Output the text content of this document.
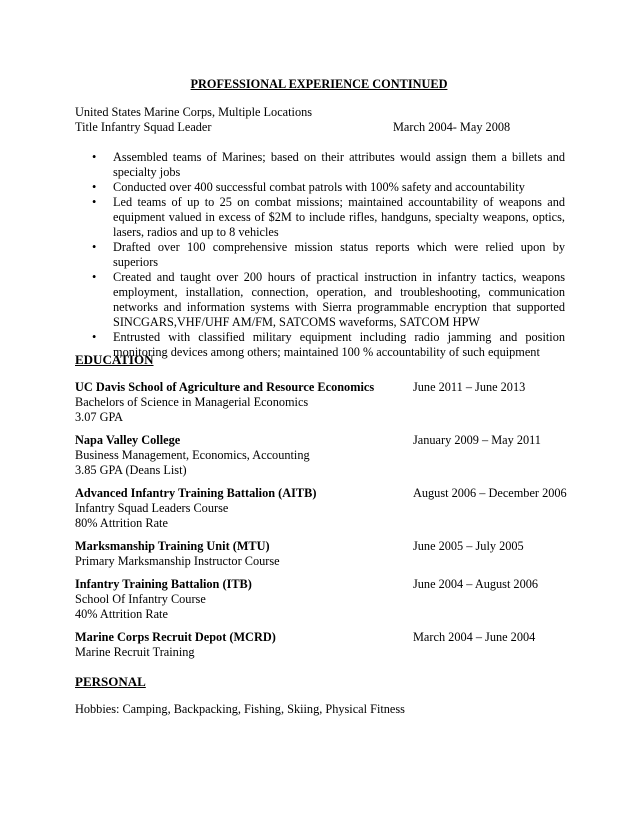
PROFESSIONAL EXPERIENCE CONTINUED
United States Marine Corps, Multiple Locations
Title Infantry Squad Leader	March 2004- May 2008
• Assembled teams of Marines; based on their attributes would assign them a billets and specialty jobs
• Conducted over 400 successful combat patrols with 100% safety and accountability
• Led teams of up to 25 on combat missions; maintained accountability of weapons and equipment valued in excess of $2M to include rifles, handguns, specialty weapons, optics, lasers, radios and up to 8 vehicles
• Drafted over 100 comprehensive mission status reports which were relied upon by superiors
• Created and taught over 200 hours of practical instruction in infantry tactics, weapons employment, installation, connection, operation, and troubleshooting, communication networks and information systems with Sierra programmable encryption that supported SINCGARS,VHF/UHF AM/FM, SATCOMS waveforms, SATCOM HPW
• Entrusted with classified military equipment including radio jamming and position monitoring devices among others; maintained 100 % accountability of such equipment
EDUCATION
UC Davis School of Agriculture and Resource Economics	June 2011 – June 2013
Bachelors of Science in Managerial Economics
3.07 GPA
Napa Valley College	January 2009 – May 2011
Business Management, Economics, Accounting
3.85 GPA (Deans List)
Advanced Infantry Training Battalion (AITB)	August 2006 – December 2006
Infantry Squad Leaders Course
80% Attrition Rate
Marksmanship Training Unit (MTU)	June 2005 – July 2005
Primary Marksmanship Instructor Course
Infantry Training Battalion (ITB)	June 2004 – August 2006
School Of Infantry Course
40% Attrition Rate
Marine Corps Recruit Depot (MCRD)	March 2004 – June 2004
Marine Recruit Training
PERSONAL
Hobbies: Camping, Backpacking, Fishing, Skiing, Physical Fitness
